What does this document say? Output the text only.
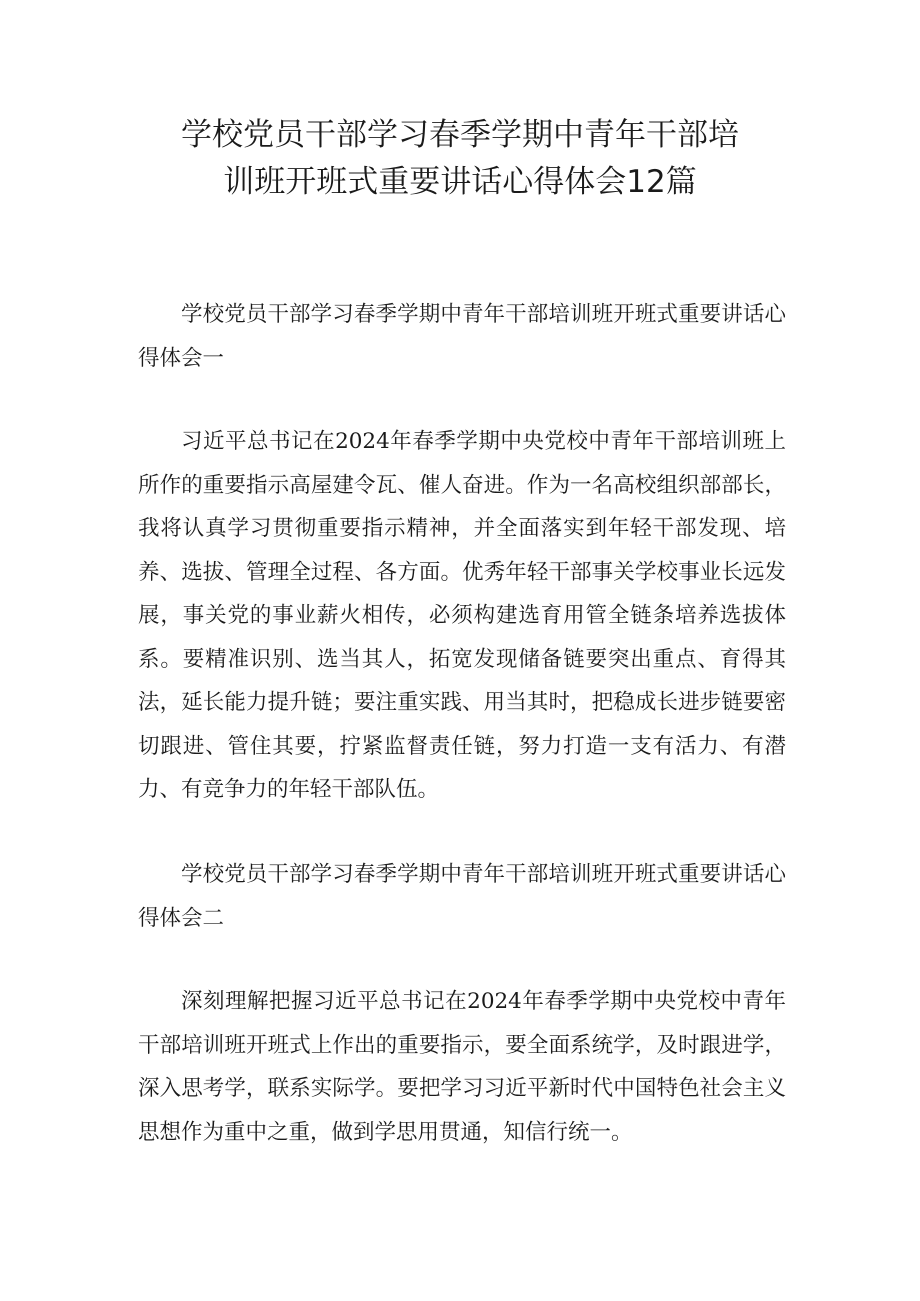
学校党员干部学习春季学期中青年干部培
训班开班式重要讲话心得体会12篇

学校党员干部学习春季学期中青年干部培训班开班式重要讲话心得体会一

习近平总书记在2024年春季学期中央党校中青年干部培训班上所作的重要指示高屋建令瓦、催人奋进。作为一名高校组织部部长，我将认真学习贯彻重要指示精神，并全面落实到年轻干部发现、培养、选拔、管理全过程、各方面。优秀年轻干部事关学校事业长远发展，事关党的事业薪火相传，必须构建选育用管全链条培养选拔体系。要精准识别、选当其人，拓宽发现储备链要突出重点、育得其法，延长能力提升链；要注重实践、用当其时，把稳成长进步链要密切跟进、管住其要，拧紧监督责任链，努力打造一支有活力、有潜力、有竞争力的年轻干部队伍。

学校党员干部学习春季学期中青年干部培训班开班式重要讲话心得体会二

深刻理解把握习近平总书记在2024年春季学期中央党校中青年干部培训班开班式上作出的重要指示，要全面系统学，及时跟进学，深入思考学，联系实际学。要把学习习近平新时代中国特色社会主义思想作为重中之重，做到学思用贯通，知信行统一。
